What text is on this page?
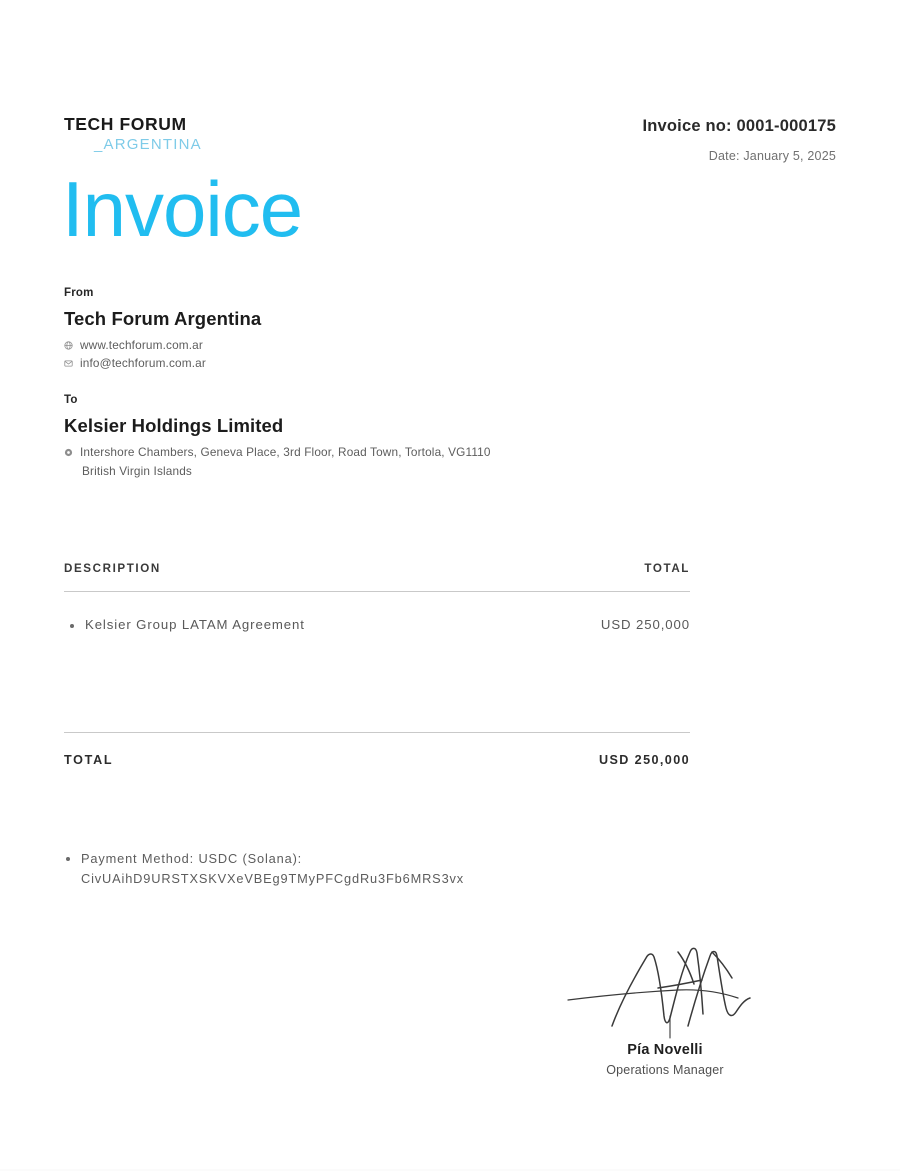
TECH FORUM
_ARGENTINA
Invoice no: 0001-000175
Date: January 5, 2025
Invoice

From

Tech Forum Argentina

www.techforum.com.ar
info@techforum.com.ar

To

Kelsier Holdings Limited

Intershore Chambers, Geneva Place, 3rd Floor, Road Town, Tortola, VG1110
British Virgin Islands
DESCRIPTION	TOTAL
Kelsier Group LATAM Agreement	USD 250,000
TOTAL	USD 250,000
Payment Method: USDC (Solana):
CivUAihD9URSTXSKVXeVBEg9TMyPFCgdRu3Fb6MRS3vx
Pía Novelli
Operations Manager
